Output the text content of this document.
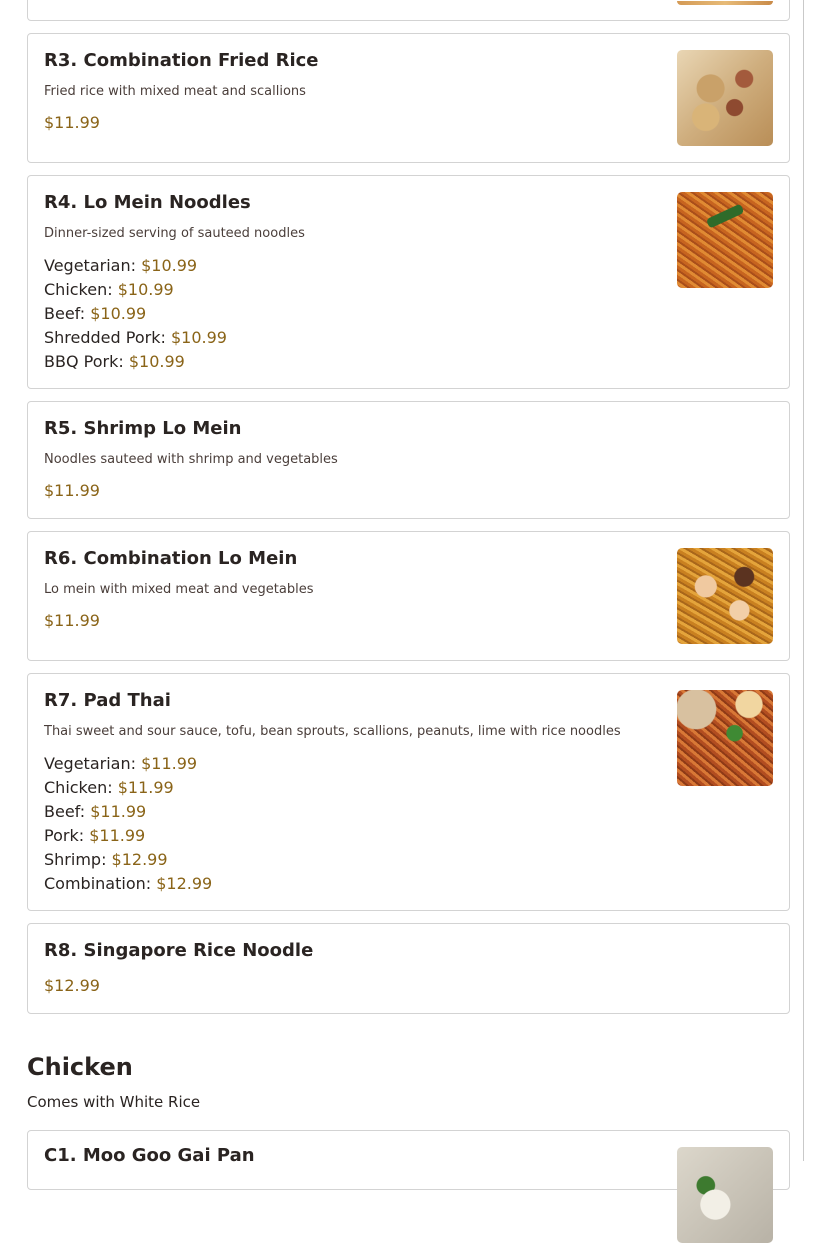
R3. Combination Fried Rice
Fried rice with mixed meat and scallions
$11.99
R4. Lo Mein Noodles
Dinner-sized serving of sauteed noodles
Vegetarian: $10.99
Chicken: $10.99
Beef: $10.99
Shredded Pork: $10.99
BBQ Pork: $10.99
R5. Shrimp Lo Mein
Noodles sauteed with shrimp and vegetables
$11.99
R6. Combination Lo Mein
Lo mein with mixed meat and vegetables
$11.99
R7. Pad Thai
Thai sweet and sour sauce, tofu, bean sprouts, scallions, peanuts, lime with rice noodles
Vegetarian: $11.99
Chicken: $11.99
Beef: $11.99
Pork: $11.99
Shrimp: $12.99
Combination: $12.99
R8. Singapore Rice Noodle
$12.99
Chicken
Comes with White Rice
C1. Moo Goo Gai Pan
